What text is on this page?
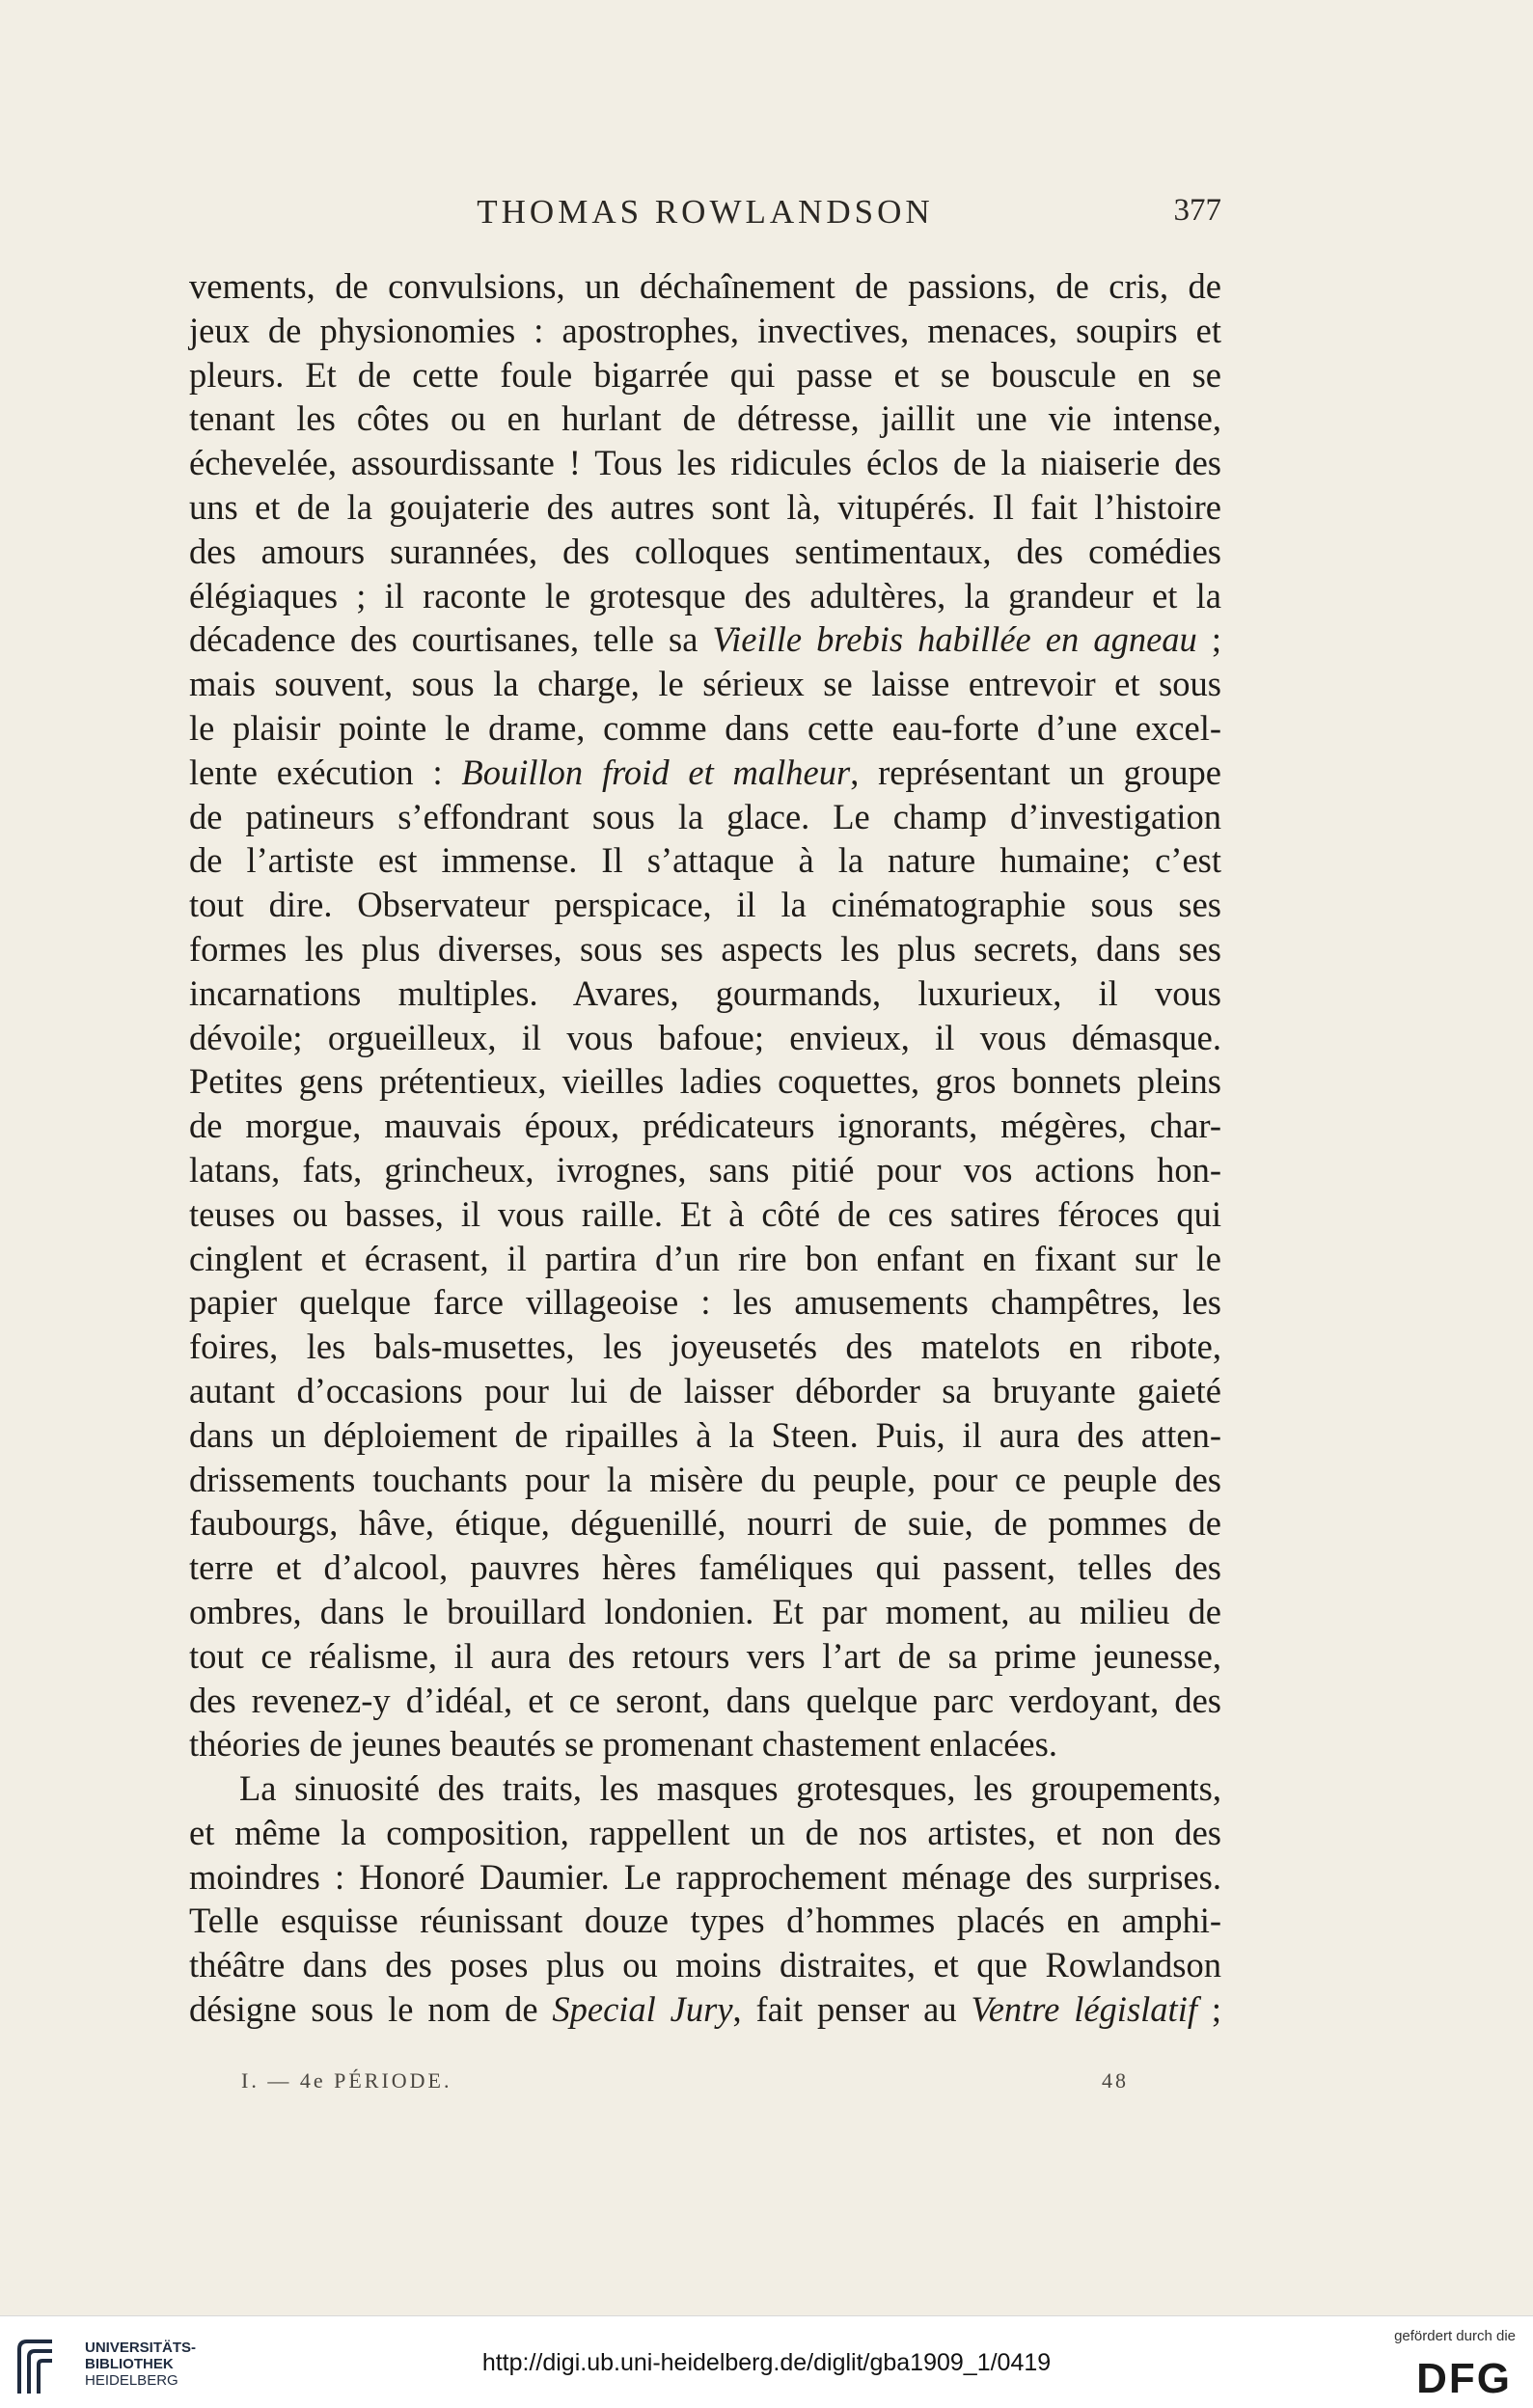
THOMAS ROWLANDSON	377
vements, de convulsions, un déchaînement de passions, de cris, de
jeux de physionomies : apostrophes, invectives, menaces, soupirs et
pleurs. Et de cette foule bigarrée qui passe et se bouscule en se
tenant les côtes ou en hurlant de détresse, jaillit une vie intense,
échevelée, assourdissante ! Tous les ridicules éclos de la niaiserie des
uns et de la goujaterie des autres sont là, vitupérés. Il fait l’histoire
des amours surannées, des colloques sentimentaux, des comédies
élégiaques ; il raconte le grotesque des adultères, la grandeur et la
décadence des courtisanes, telle sa Vieille brebis habillée en agneau ;
mais souvent, sous la charge, le sérieux se laisse entrevoir et sous
le plaisir pointe le drame, comme dans cette eau-forte d’une excel-
lente exécution : Bouillon froid et malheur, représentant un groupe
de patineurs s’effondrant sous la glace. Le champ d’investigation
de l’artiste est immense. Il s’attaque à la nature humaine; c’est
tout dire. Observateur perspicace, il la cinématographie sous ses
formes les plus diverses, sous ses aspects les plus secrets, dans ses
incarnations multiples. Avares, gourmands, luxurieux, il vous
dévoile; orgueilleux, il vous bafoue; envieux, il vous démasque.
Petites gens prétentieux, vieilles ladies coquettes, gros bonnets pleins
de morgue, mauvais époux, prédicateurs ignorants, mégères, char-
latans, fats, grincheux, ivrognes, sans pitié pour vos actions hon-
teuses ou basses, il vous raille. Et à côté de ces satires féroces qui
cinglent et écrasent, il partira d’un rire bon enfant en fixant sur le
papier quelque farce villageoise : les amusements champêtres, les
foires, les bals-musettes, les joyeusetés des matelots en ribote,
autant d’occasions pour lui de laisser déborder sa bruyante gaieté
dans un déploiement de ripailles à la Steen. Puis, il aura des atten-
drissements touchants pour la misère du peuple, pour ce peuple des
faubourgs, hâve, étique, déguenillé, nourri de suie, de pommes de
terre et d’alcool, pauvres hères faméliques qui passent, telles des
ombres, dans le brouillard londonien. Et par moment, au milieu de
tout ce réalisme, il aura des retours vers l’art de sa prime jeunesse,
des revenez-y d’idéal, et ce seront, dans quelque parc verdoyant, des
théories de jeunes beautés se promenant chastement enlacées.
La sinuosité des traits, les masques grotesques, les groupements,
et même la composition, rappellent un de nos artistes, et non des
moindres : Honoré Daumier. Le rapprochement ménage des surprises.
Telle esquisse réunissant douze types d’hommes placés en amphi-
théâtre dans des poses plus ou moins distraites, et que Rowlandson
désigne sous le nom de Special Jury, fait penser au Ventre législatif ;
I. — 4e PÉRIODE.	48
UNIVERSITÄTS-
BIBLIOTHEK
HEIDELBERG
http://digi.ub.uni-heidelberg.de/diglit/gba1909_1/0419
gefördert durch die
DFG
